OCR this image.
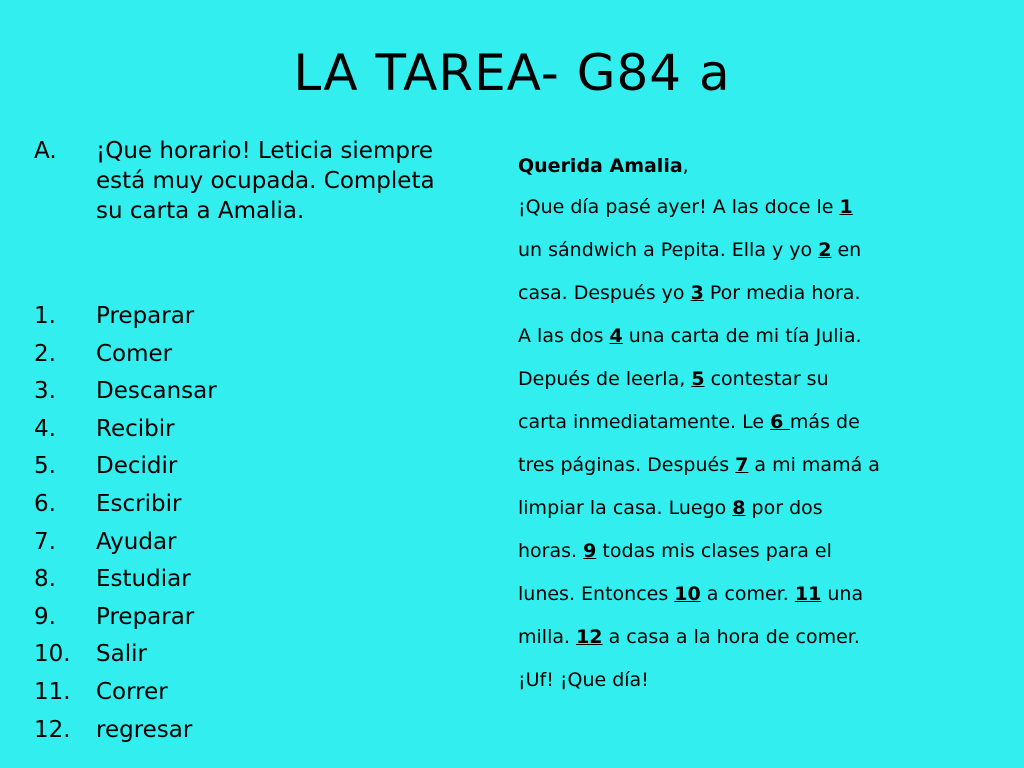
LA TAREA- G84 a
A. ¡Que horario! Leticia siempre está muy ocupada. Completa su carta a Amalia.
1. Preparar
2. Comer
3. Descansar
4. Recibir
5. Decidir
6. Escribir
7. Ayudar
8. Estudiar
9. Preparar
10. Salir
11. Correr
12. regresar
Querida Amalia,
¡Que día pasé ayer! A las doce le 1
un sándwich a Pepita. Ella y yo 2 en
casa. Después yo 3 Por media hora.
A las dos 4 una carta de mi tía Julia.
Depués de leerla, 5 contestar su
carta inmediatamente. Le 6 más de
tres páginas. Después 7 a mi mamá a
limpiar la casa. Luego 8 por dos
horas. 9 todas mis clases para el
lunes. Entonces 10 a comer. 11 una
milla. 12 a casa a la hora de comer.
¡Uf! ¡Que día!
